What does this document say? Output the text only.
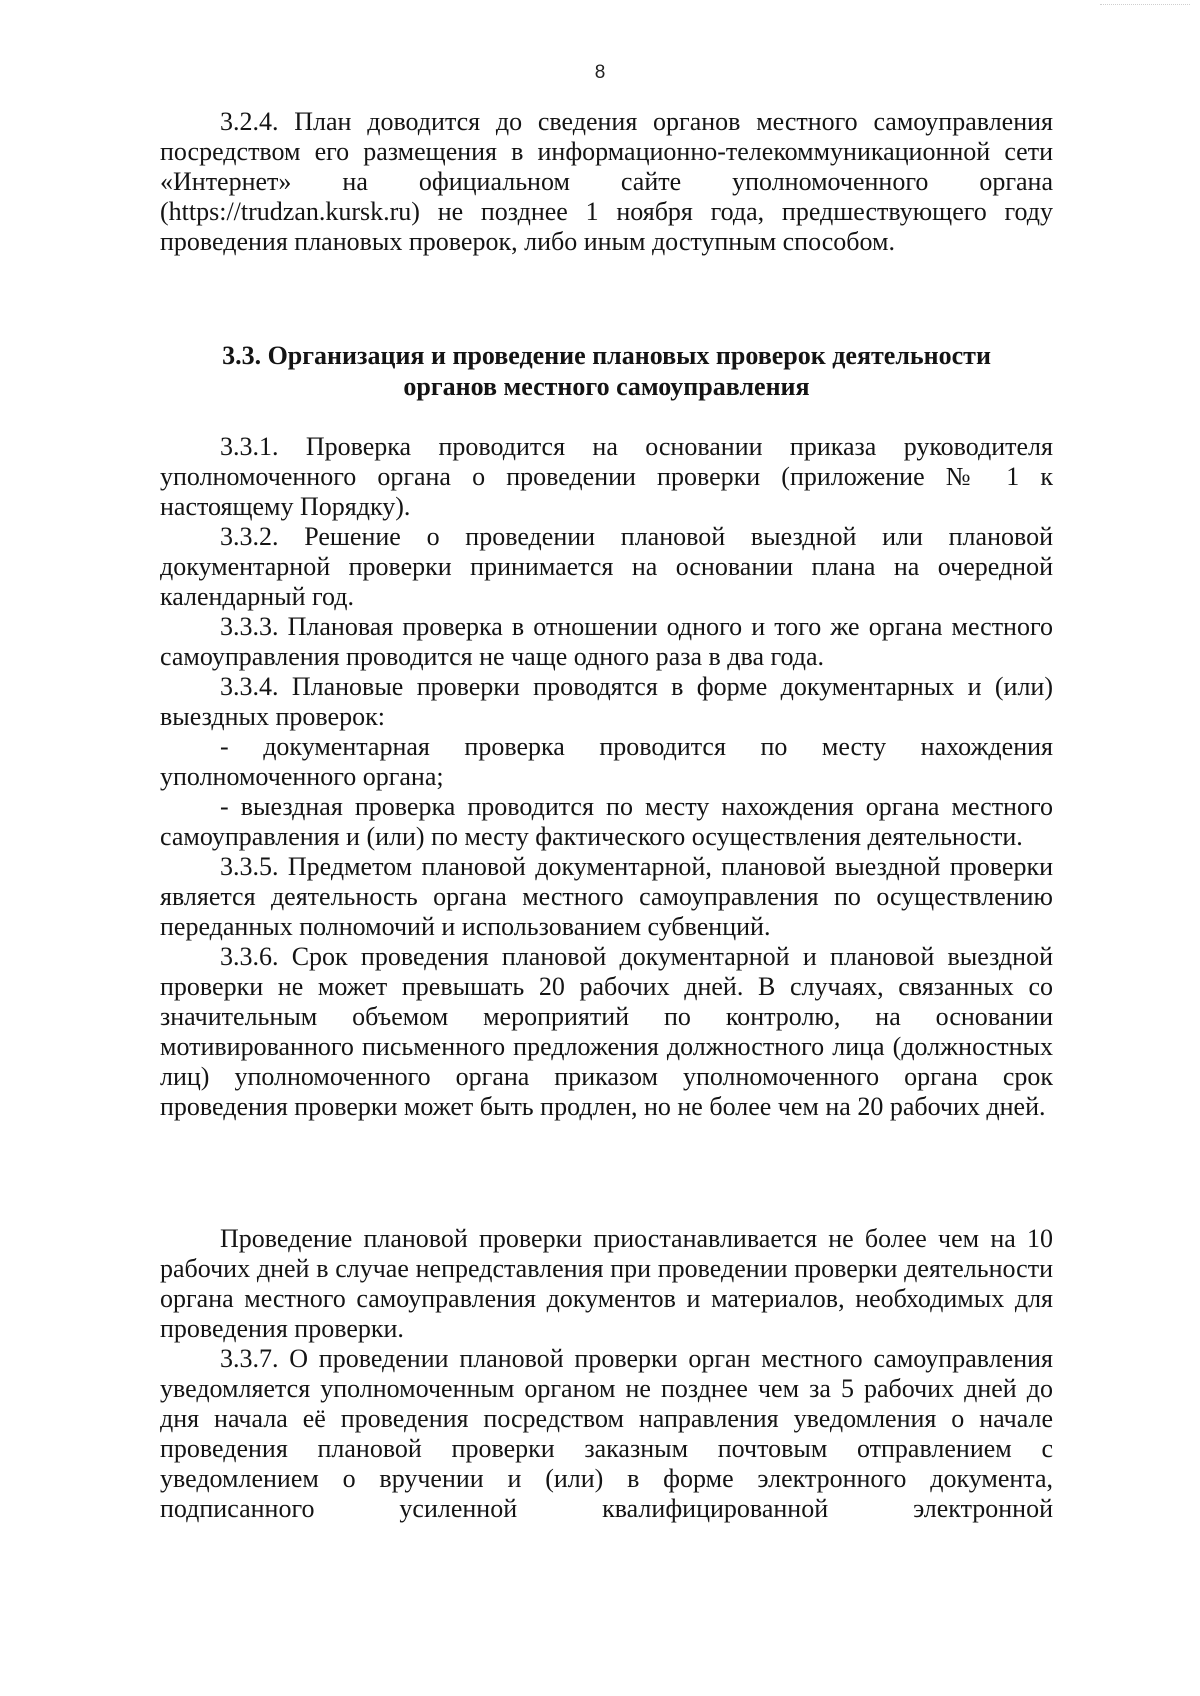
8

3.2.4. План доводится до сведения органов местного самоуправления посредством его размещения в информационно-телекоммуникационной сети «Интернет» на официальном сайте уполномоченного органа (https://trudzan.kursk.ru) не позднее 1 ноября года, предшествующего году проведения плановых проверок, либо иным доступным способом.

3.3. Организация и проведение плановых проверок деятельности
органов местного самоуправления

3.3.1. Проверка проводится на основании приказа руководителя уполномоченного органа о проведении проверки (приложение № 1 к настоящему Порядку).

3.3.2. Решение о проведении плановой выездной или плановой документарной проверки принимается на основании плана на очередной календарный год.

3.3.3. Плановая проверка в отношении одного и того же органа местного самоуправления проводится не чаще одного раза в два года.

3.3.4. Плановые проверки проводятся в форме документарных и (или) выездных проверок:

- документарная проверка проводится по месту нахождения уполномоченного органа;

- выездная проверка проводится по месту нахождения органа местного самоуправления и (или) по месту фактического осуществления деятельности.

3.3.5. Предметом плановой документарной, плановой выездной проверки является деятельность органа местного самоуправления по осуществлению переданных полномочий и использованием субвенций.

3.3.6. Срок проведения плановой документарной и плановой выездной проверки не может превышать 20 рабочих дней. В случаях, связанных со значительным объемом мероприятий по контролю, на основании мотивированного письменного предложения должностного лица (должностных лиц) уполномоченного органа приказом уполномоченного органа срок проведения проверки может быть продлен, но не более чем на 20 рабочих дней.

Проведение плановой проверки приостанавливается не более чем на 10 рабочих дней в случае непредставления при проведении проверки деятельности органа местного самоуправления документов и материалов, необходимых для проведения проверки.

3.3.7. О проведении плановой проверки орган местного самоуправления уведомляется уполномоченным органом не позднее чем за 5 рабочих дней до дня начала её проведения посредством направления уведомления о начале проведения плановой проверки заказным почтовым отправлением с уведомлением о вручении и (или) в форме электронного документа, подписанного усиленной квалифицированной электронной
